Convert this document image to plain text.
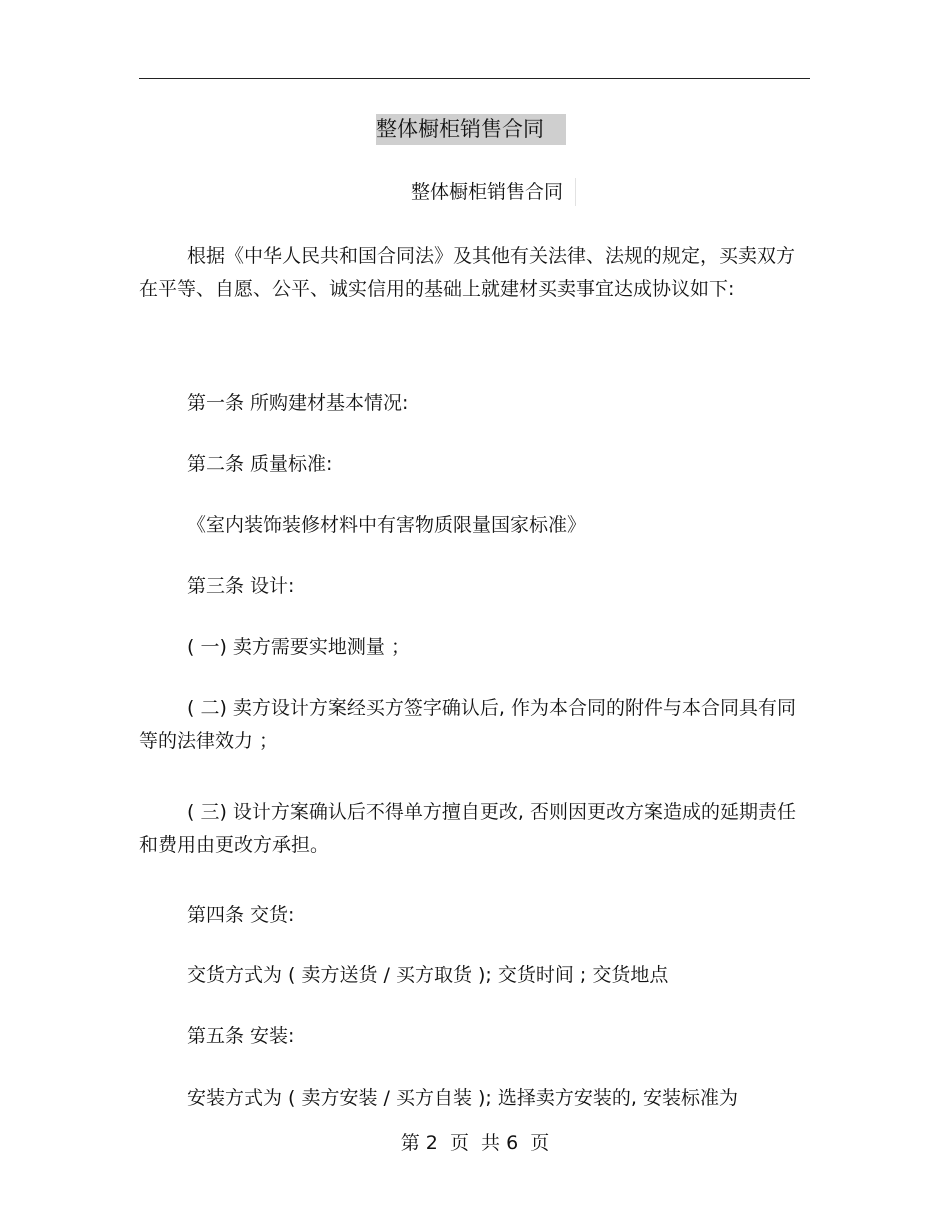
整体橱柜销售合同
整体橱柜销售合同

根据《中华人民共和国合同法》及其他有关法律、法规的规定，买卖双方在平等、自愿、公平、诚实信用的基础上就建材买卖事宜达成协议如下:

第一条 所购建材基本情况:

第二条 质量标准:

《室内装饰装修材料中有害物质限量国家标准》

第三条 设计:

( 一) 卖方需要实地测量 ；

( 二) 卖方设计方案经买方签字确认后, 作为本合同的附件与本合同具有同等的法律效力 ；

( 三) 设计方案确认后不得单方擅自更改, 否则因更改方案造成的延期责任和费用由更改方承担。

第四条 交货:

交货方式为 ( 卖方送货 / 买方取货 ); 交货时间 ; 交货地点

第五条 安装:

安装方式为 ( 卖方安装 / 买方自装 ); 选择卖方安装的, 安装标准为

第 2  页  共 6  页
